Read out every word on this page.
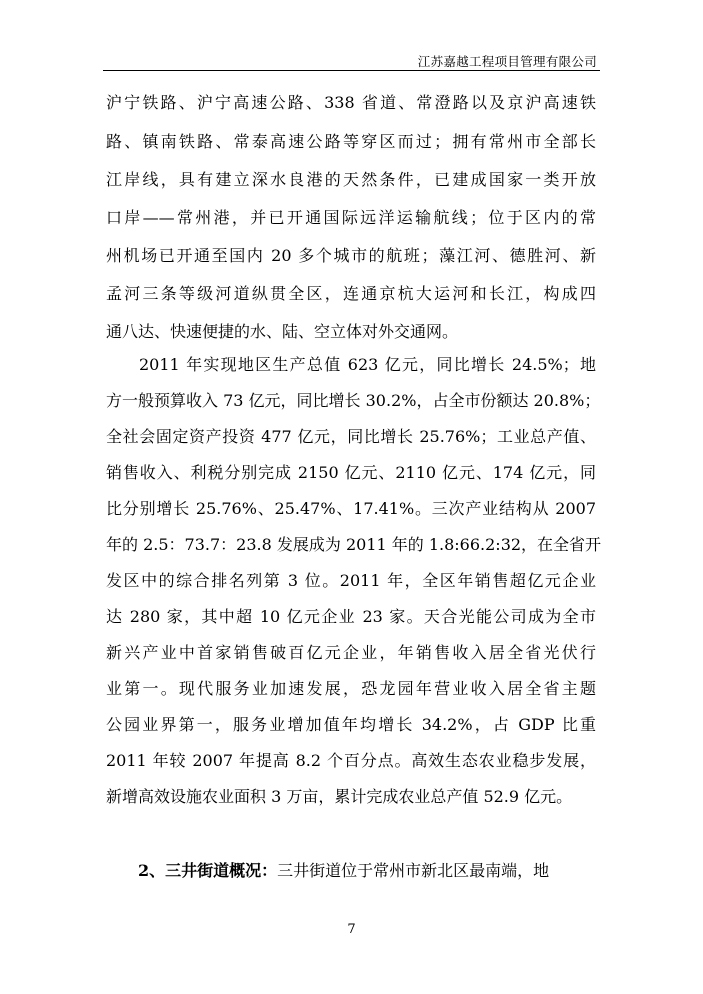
江苏嘉越工程项目管理有限公司
沪宁铁路、沪宁高速公路、338 省道、常澄路以及京沪高速铁
路、镇南铁路、常泰高速公路等穿区而过；拥有常州市全部长
江岸线，具有建立深水良港的天然条件，已建成国家一类开放
口岸——常州港，并已开通国际远洋运输航线；位于区内的常
州机场已开通至国内 20 多个城市的航班；藻江河、德胜河、新
孟河三条等级河道纵贯全区，连通京杭大运河和长江，构成四
通八达、快速便捷的水、陆、空立体对外交通网。
2011 年实现地区生产总值 623 亿元，同比增长 24.5%；地
方一般预算收入 73 亿元，同比增长 30.2%，占全市份额达 20.8%；
全社会固定资产投资 477 亿元，同比增长 25.76%；工业总产值、
销售收入、利税分别完成 2150 亿元、2110 亿元、174 亿元，同
比分别增长 25.76%、25.47%、17.41%。三次产业结构从 2007
年的 2.5：73.7：23.8 发展成为 2011 年的 1.8:66.2:32，在全省开
发区中的综合排名列第 3 位。2011 年，全区年销售超亿元企业
达 280 家，其中超 10 亿元企业 23 家。天合光能公司成为全市
新兴产业中首家销售破百亿元企业，年销售收入居全省光伏行
业第一。现代服务业加速发展，恐龙园年营业收入居全省主题
公园业界第一，服务业增加值年均增长 34.2%，占 GDP 比重
2011 年较 2007 年提高 8.2 个百分点。高效生态农业稳步发展，
新增高效设施农业面积 3 万亩，累计完成农业总产值 52.9 亿元。
2、三井街道概况：三井街道位于常州市新北区最南端，地
7
